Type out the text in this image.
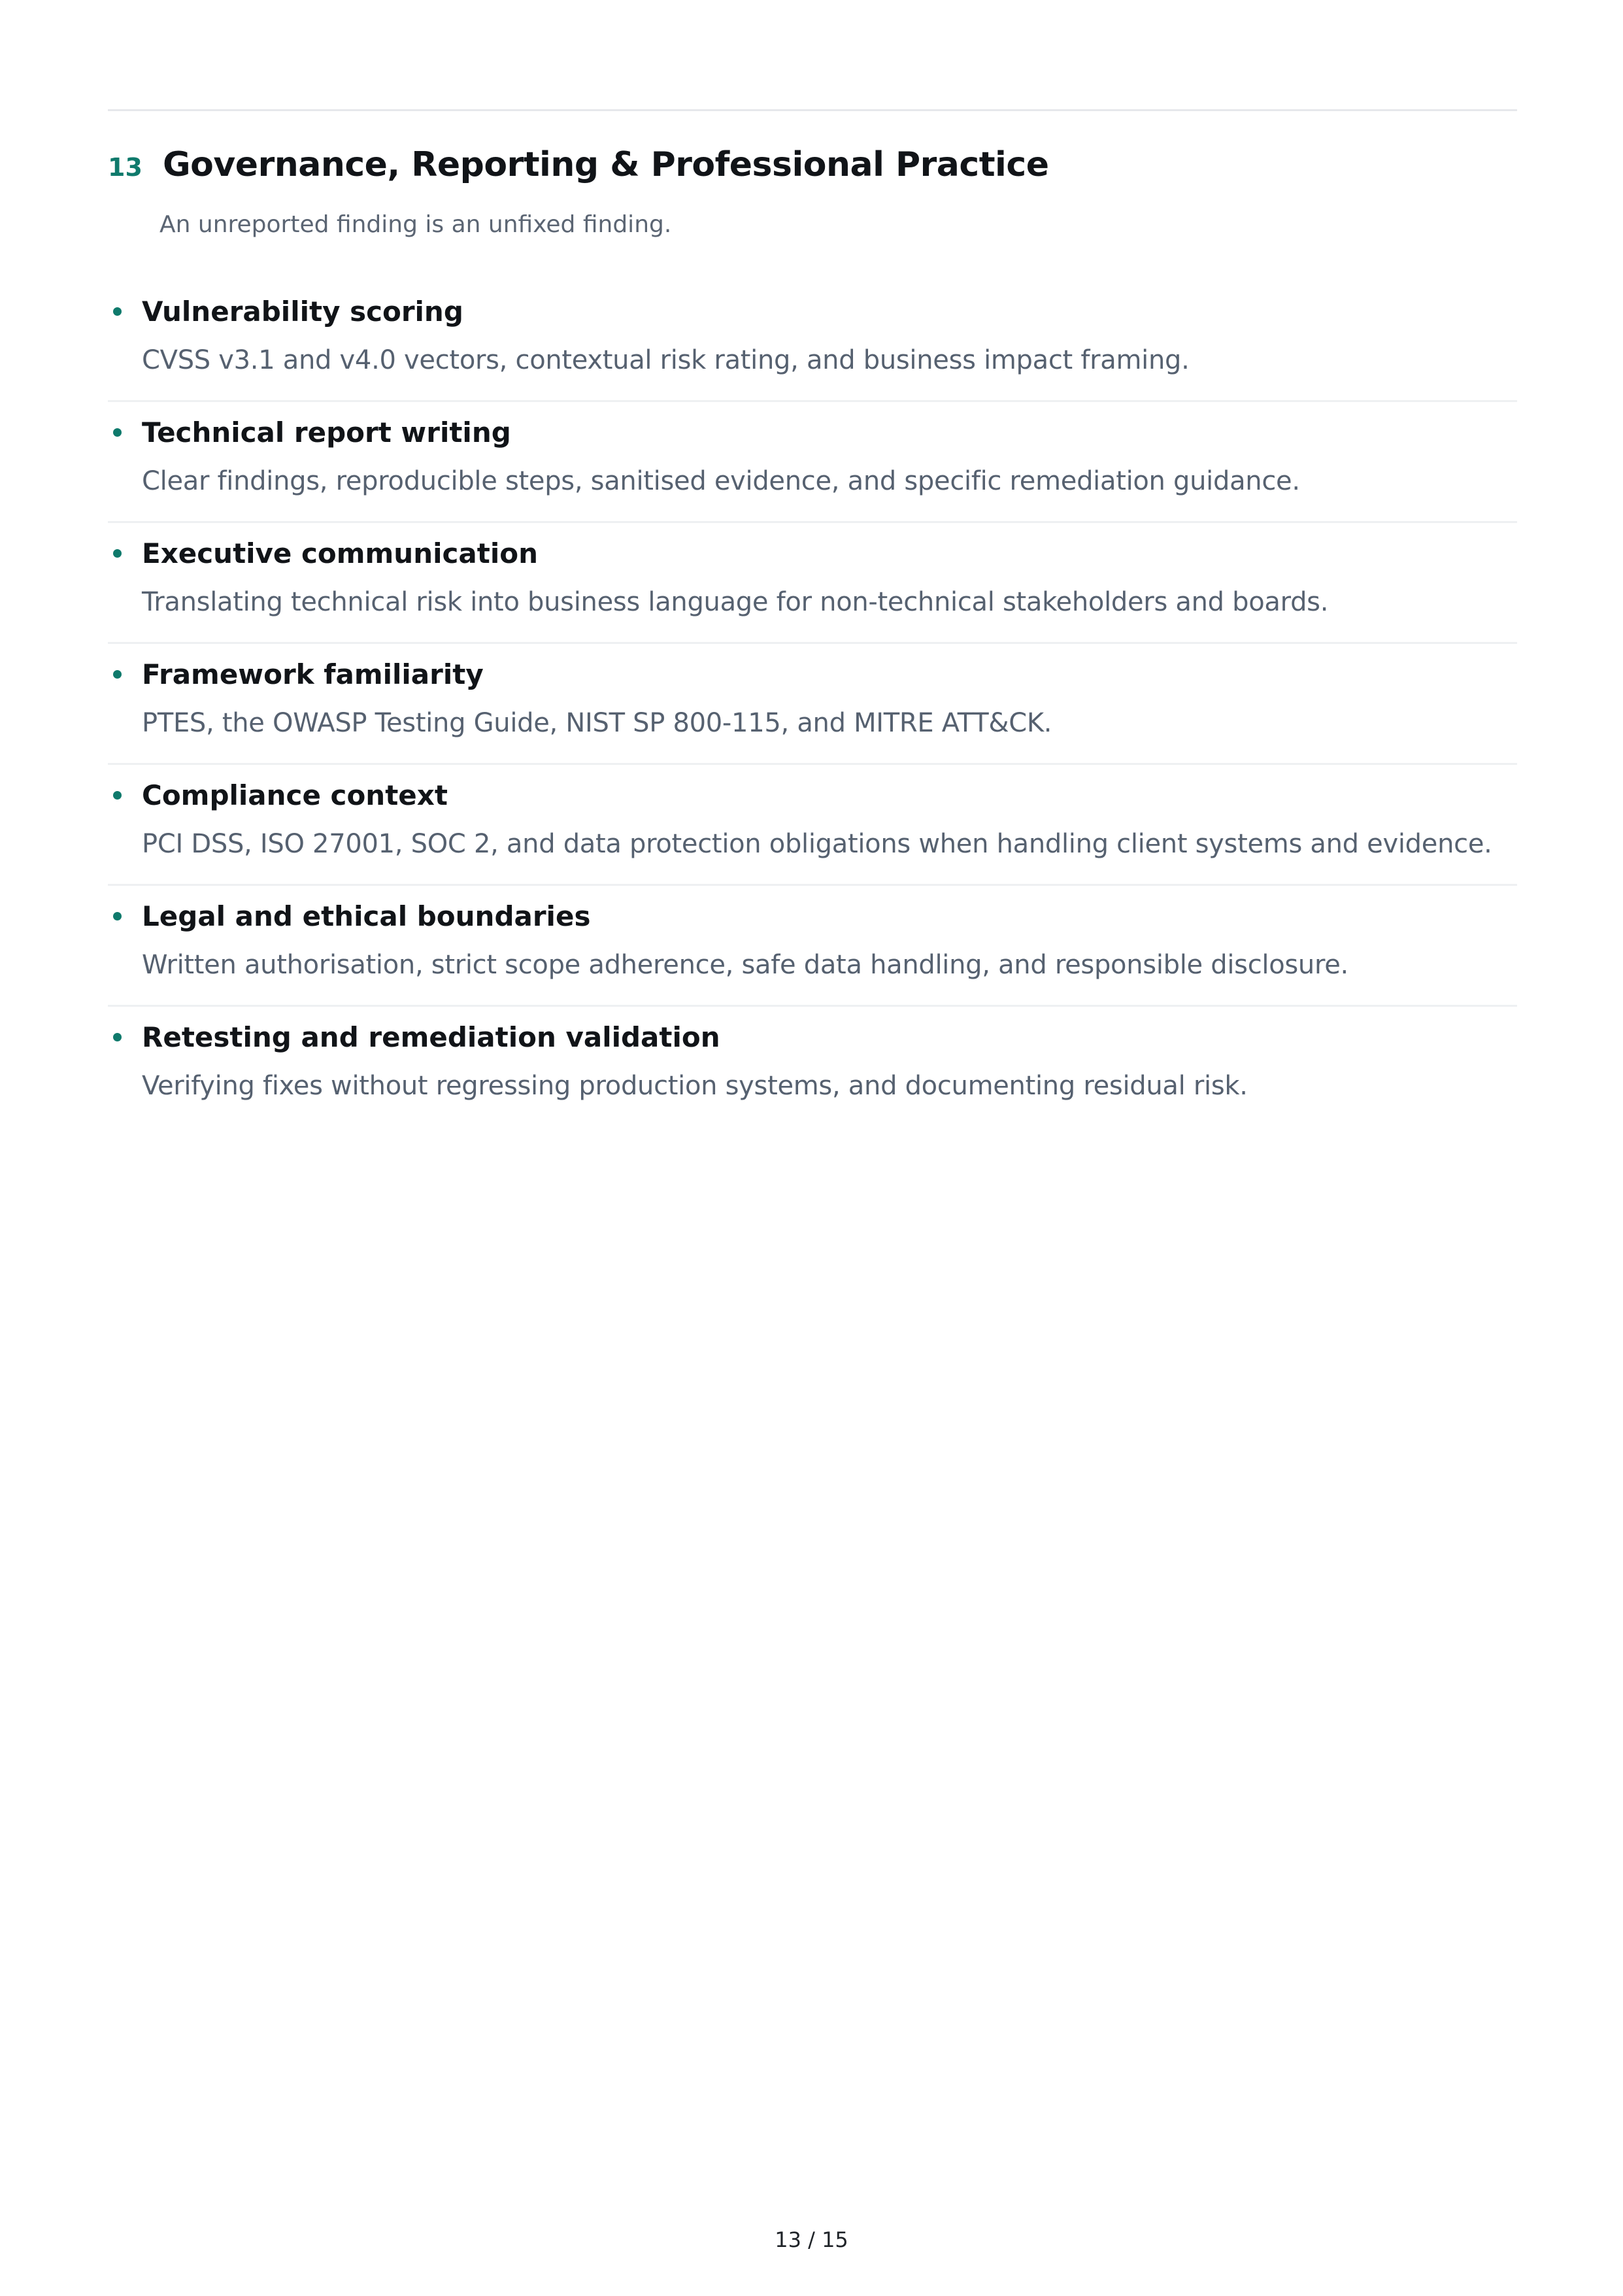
13 Governance, Reporting & Professional Practice
An unreported finding is an unfixed finding.
Vulnerability scoring
CVSS v3.1 and v4.0 vectors, contextual risk rating, and business impact framing.
Technical report writing
Clear findings, reproducible steps, sanitised evidence, and specific remediation guidance.
Executive communication
Translating technical risk into business language for non-technical stakeholders and boards.
Framework familiarity
PTES, the OWASP Testing Guide, NIST SP 800-115, and MITRE ATT&CK.
Compliance context
PCI DSS, ISO 27001, SOC 2, and data protection obligations when handling client systems and evidence.
Legal and ethical boundaries
Written authorisation, strict scope adherence, safe data handling, and responsible disclosure.
Retesting and remediation validation
Verifying fixes without regressing production systems, and documenting residual risk.
13 / 15
